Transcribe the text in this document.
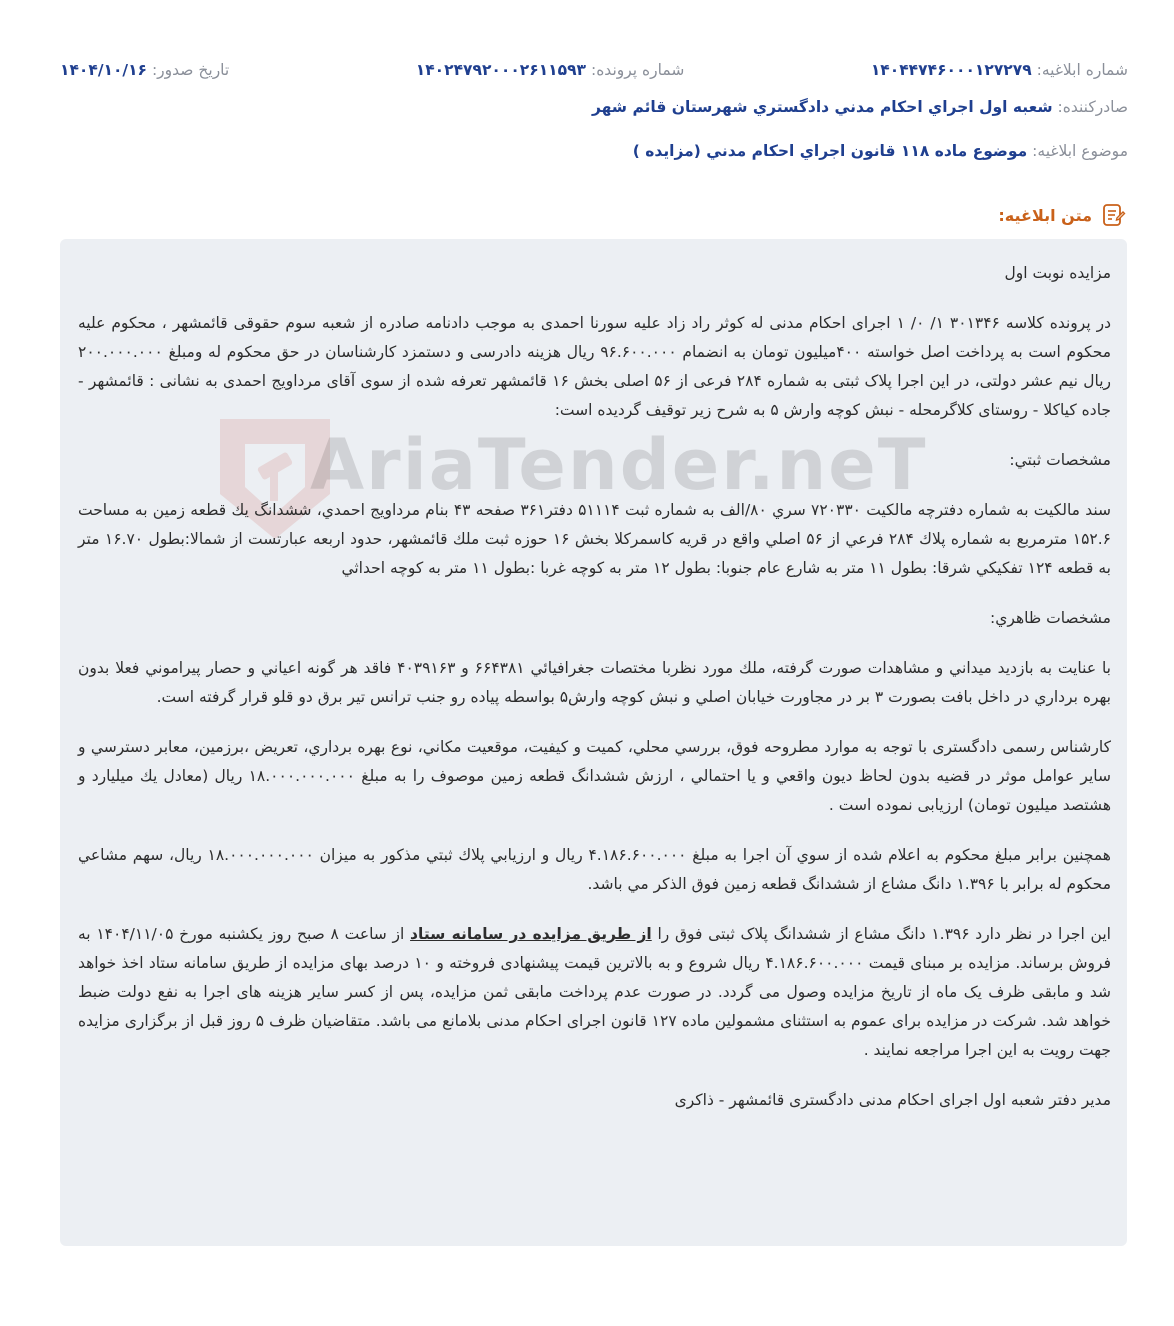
شماره ابلاغیه: ۱۴۰۴۴۷۴۶۰۰۰۱۲۷۲۷۹
شماره پرونده: ۱۴۰۲۴۷۹۲۰۰۰۲۶۱۱۵۹۳
تاریخ صدور: ۱۴۰۴/۱۰/۱۶
صادرکننده: شعبه اول اجراي احكام مدني دادگستري شهرستان قائم شهر
موضوع ابلاغیه: موضوع ماده ۱۱۸ قانون اجراي احكام مدني (مزايده )
متن ابلاغیه:
AriaTender.neT

مزایده نوبت اول

در پرونده کلاسه ۳۰۱۳۴۶ ۱/ ۰/ ۱ اجرای احکام مدنی له کوثر راد زاد علیه سورنا احمدی به موجب دادنامه صادره از شعبه سوم حقوقی قائمشهر ، محکوم علیه محکوم است به پرداخت اصل خواسته ۴۰۰میلیون تومان به انضمام ۹۶.۶۰۰.۰۰۰ ریال هزینه دادرسی و دستمزد کارشناسان در حق محکوم له ومبلغ ۲۰۰.۰۰۰.۰۰۰ ریال نیم عشر دولتی، در این اجرا پلاک ثبتی به شماره ۲۸۴ فرعی از ۵۶ اصلی بخش ۱۶ قائمشهر تعرفه شده از سوی آقای مرداویج احمدی به نشانی : قائمشهر - جاده کیاکلا - روستای کلاگرمحله - نبش کوچه وارش ۵ به شرح زیر توقیف گردیده است:

مشخصات ثبتي:

سند مالكيت به شماره دفترچه مالكيت ۷۲۰۳۳۰ سري ۸۰/الف به شماره ثبت ۵۱۱۱۴ دفتر۳۶۱ صفحه ۴۳ بنام مرداويج احمدي، ششدانگ يك قطعه زمين به مساحت ۱۵۲.۶ مترمربع به شماره پلاك ۲۸۴ فرعي از ۵۶ اصلي واقع در قريه كاسمركلا بخش ۱۶ حوزه ثبت ملك قائمشهر، حدود اربعه عبارتست از شمالا:بطول ۱۶.۷۰ متر به قطعه ۱۲۴ تفكيكي شرقا: بطول ۱۱ متر به شارع عام جنوبا: بطول ۱۲ متر به كوچه غربا :بطول ۱۱ متر به كوچه احداثي

مشخصات ظاهري:

با عنايت به بازديد ميداني و مشاهدات صورت گرفته، ملك مورد نظربا مختصات جغرافيائي ۶۶۴۳۸۱ و ۴۰۳۹۱۶۳ فاقد هر گونه اعياني و حصار پيراموني فعلا بدون بهره برداري در داخل بافت بصورت ۳ بر در مجاورت خيابان اصلي و نبش كوچه وارش۵ بواسطه پياده رو جنب ترانس تير برق دو قلو قرار گرفته است.

كارشناس رسمی دادگستری با توجه به موارد مطروحه فوق، بررسي محلي، كميت و كيفيت، موقعيت مكاني، نوع بهره برداري، تعريض ،برزمين، معابر دسترسي و ساير عوامل موثر در قضيه بدون لحاظ ديون واقعي و يا احتمالي ، ارزش ششدانگ قطعه زمين موصوف را به مبلغ ۱۸.۰۰۰.۰۰۰.۰۰۰ ريال (معادل يك ميليارد و هشتصد ميليون تومان) ارزيابی نموده است .

همچنين برابر مبلغ محكوم به اعلام شده از سوي آن اجرا به مبلغ ۴.۱۸۶.۶۰۰.۰۰۰ ريال و ارزيابي پلاك ثبتي مذكور به ميزان ۱۸.۰۰۰.۰۰۰.۰۰۰ ريال، سهم مشاعي محكوم له برابر با ۱.۳۹۶ دانگ مشاع از ششدانگ قطعه زمين فوق الذكر مي باشد.

این اجرا در نظر دارد ۱.۳۹۶ دانگ مشاع از ششدانگ پلاک ثبتی فوق را از طریق مزایده در سامانه ستاد از ساعت ۸ صبح روز یکشنبه مورخ ۱۴۰۴/۱۱/۰۵ به فروش برساند. مزایده بر مبنای قیمت ۴.۱۸۶.۶۰۰.۰۰۰ ریال شروع و به بالاترین قیمت پیشنهادی فروخته و ۱۰ درصد بهای مزایده از طریق سامانه ستاد اخذ خواهد شد و مابقی ظرف یک ماه از تاریخ مزایده وصول می گردد. در صورت عدم پرداخت مابقی ثمن مزایده، پس از کسر سایر هزینه های اجرا به نفع دولت ضبط خواهد شد. شرکت در مزایده برای عموم به استثنای مشمولین ماده ۱۲۷ قانون اجرای احکام مدنی بلامانع می باشد. متقاضیان ظرف ۵ روز قبل از برگزاری مزایده جهت رویت به این اجرا مراجعه نمایند .

مدیر دفتر شعبه اول اجرای احکام مدنی دادگستری قائمشهر - ذاکری
